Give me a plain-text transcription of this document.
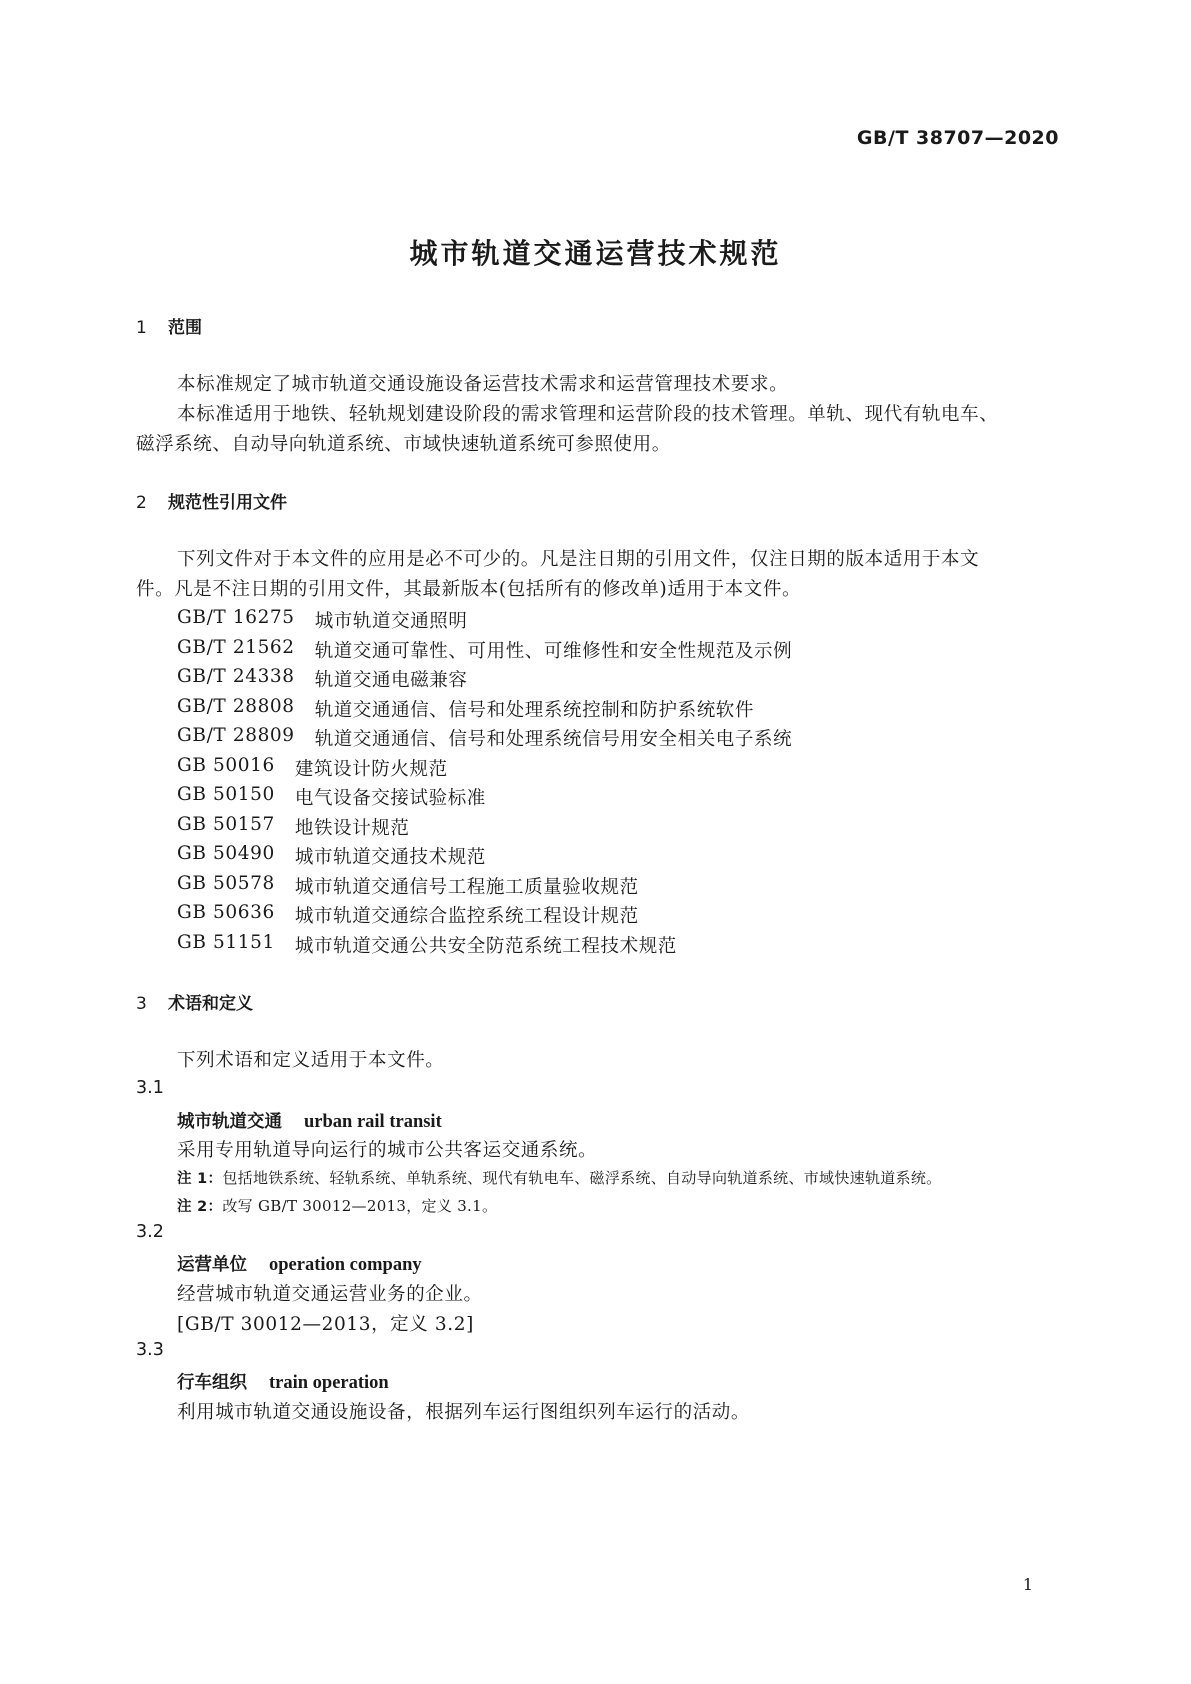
GB/T 38707—2020
城市轨道交通运营技术规范
1 范围
本标准规定了城市轨道交通设施设备运营技术需求和运营管理技术要求。
本标准适用于地铁、轻轨规划建设阶段的需求管理和运营阶段的技术管理。单轨、现代有轨电车、
磁浮系统、自动导向轨道系统、市域快速轨道系统可参照使用。
2 规范性引用文件
下列文件对于本文件的应用是必不可少的。凡是注日期的引用文件，仅注日期的版本适用于本文
件。凡是不注日期的引用文件，其最新版本(包括所有的修改单)适用于本文件。
GB/T 16275 城市轨道交通照明
GB/T 21562 轨道交通可靠性、可用性、可维修性和安全性规范及示例
GB/T 24338 轨道交通电磁兼容
GB/T 28808 轨道交通通信、信号和处理系统控制和防护系统软件
GB/T 28809 轨道交通通信、信号和处理系统信号用安全相关电子系统
GB 50016 建筑设计防火规范
GB 50150 电气设备交接试验标准
GB 50157 地铁设计规范
GB 50490 城市轨道交通技术规范
GB 50578 城市轨道交通信号工程施工质量验收规范
GB 50636 城市轨道交通综合监控系统工程设计规范
GB 51151 城市轨道交通公共安全防范系统工程技术规范
3 术语和定义
下列术语和定义适用于本文件。
3.1
城市轨道交通 urban rail transit
采用专用轨道导向运行的城市公共客运交通系统。
注 1：包括地铁系统、轻轨系统、单轨系统、现代有轨电车、磁浮系统、自动导向轨道系统、市域快速轨道系统。
注 2：改写 GB/T 30012—2013，定义 3.1。
3.2
运营单位 operation company
经营城市轨道交通运营业务的企业。
[GB/T 30012—2013，定义 3.2]
3.3
行车组织 train operation
利用城市轨道交通设施设备，根据列车运行图组织列车运行的活动。
1
